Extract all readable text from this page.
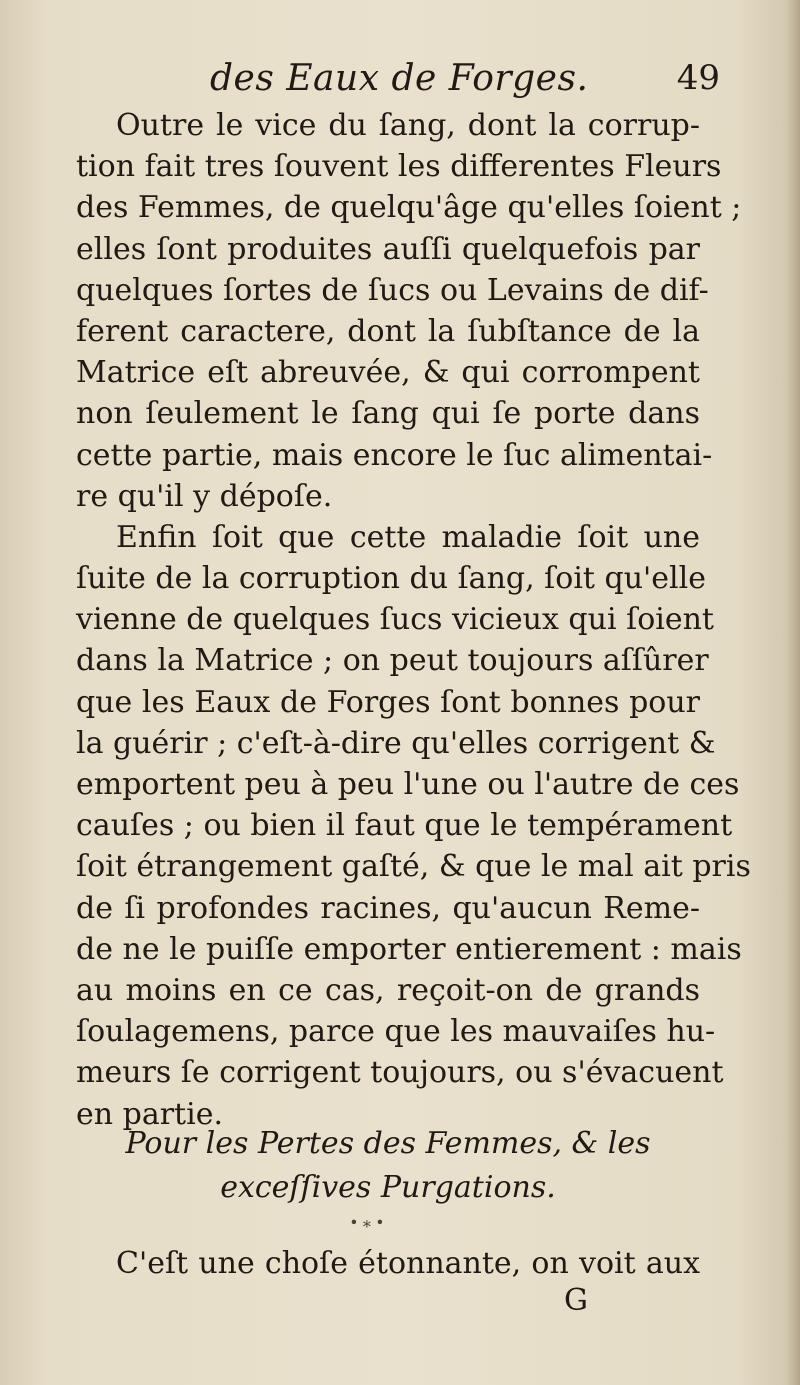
des Eaux de Forges.	49
Outre le vice du ſang, dont la corrup-
tion fait tres ſouvent les differentes Fleurs
des Femmes, de quelqu'âge qu'elles ſoient ;
elles ſont produites auſſi quelquefois par
quelques ſortes de ſucs ou Levains de dif-
ferent caractere, dont la ſubſtance de la
Matrice eſt abreuvée, & qui corrompent
non ſeulement le ſang qui ſe porte dans
cette partie, mais encore le ſuc alimentai-
re qu'il y dépoſe.
Enfin ſoit que cette maladie ſoit une
ſuite de la corruption du ſang, ſoit qu'elle
vienne de quelques ſucs vicieux qui ſoient
dans la Matrice ; on peut toujours aſſûrer
que les Eaux de Forges ſont bonnes pour
la guérir ; c'eſt-à-dire qu'elles corrigent &
emportent peu à peu l'une ou l'autre de ces
cauſes ; ou bien il faut que le tempérament
ſoit étrangement gaſté, & que le mal ait pris
de ſi profondes racines, qu'aucun Reme-
de ne le puiſſe emporter entierement : mais
au moins en ce cas, reçoit-on de grands
ſoulagemens, parce que les mauvaiſes hu-
meurs ſe corrigent toujours, ou s'évacuent
en partie.
Pour les Pertes des Femmes, & les
exceſſives Purgations.
∙ ⁎ ∙
C'eſt une choſe étonnante, on voit aux
G
